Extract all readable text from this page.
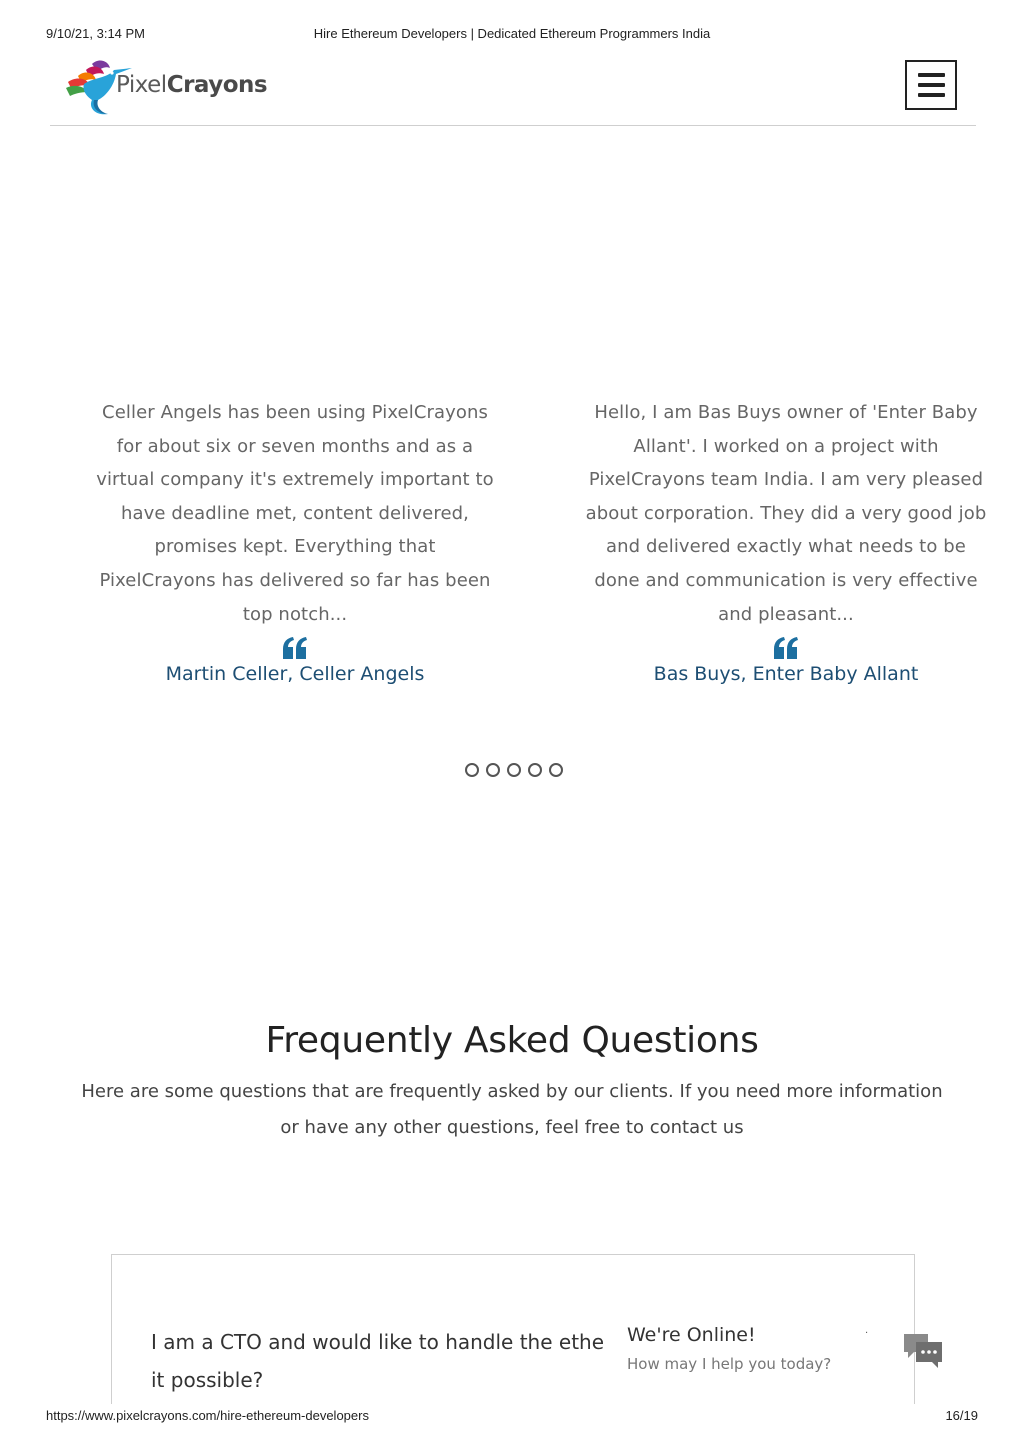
9/10/21, 3:14 PM	Hire Ethereum Developers | Dedicated Ethereum Programmers India
PixelCrayons

Celler Angels has been using PixelCrayons
for about six or seven months and as a
virtual company it's extremely important to
have deadline met, content delivered,
promises kept. Everything that
PixelCrayons has delivered so far has been
top notch...

Martin Celler, Celler Angels

Hello, I am Bas Buys owner of 'Enter Baby
Allant'. I worked on a project with
PixelCrayons team India. I am very pleased
about corporation. They did a very good job
and delivered exactly what needs to be
done and communication is very effective
and pleasant...

Bas Buys, Enter Baby Allant
Frequently Asked Questions

Here are some questions that are frequently asked by our clients. If you need more information
or have any other questions, feel free to contact us

I am a CTO and would like to handle the ethe
it possible?
We're Online!
How may I help you today?
·
https://www.pixelcrayons.com/hire-ethereum-developers	16/19
